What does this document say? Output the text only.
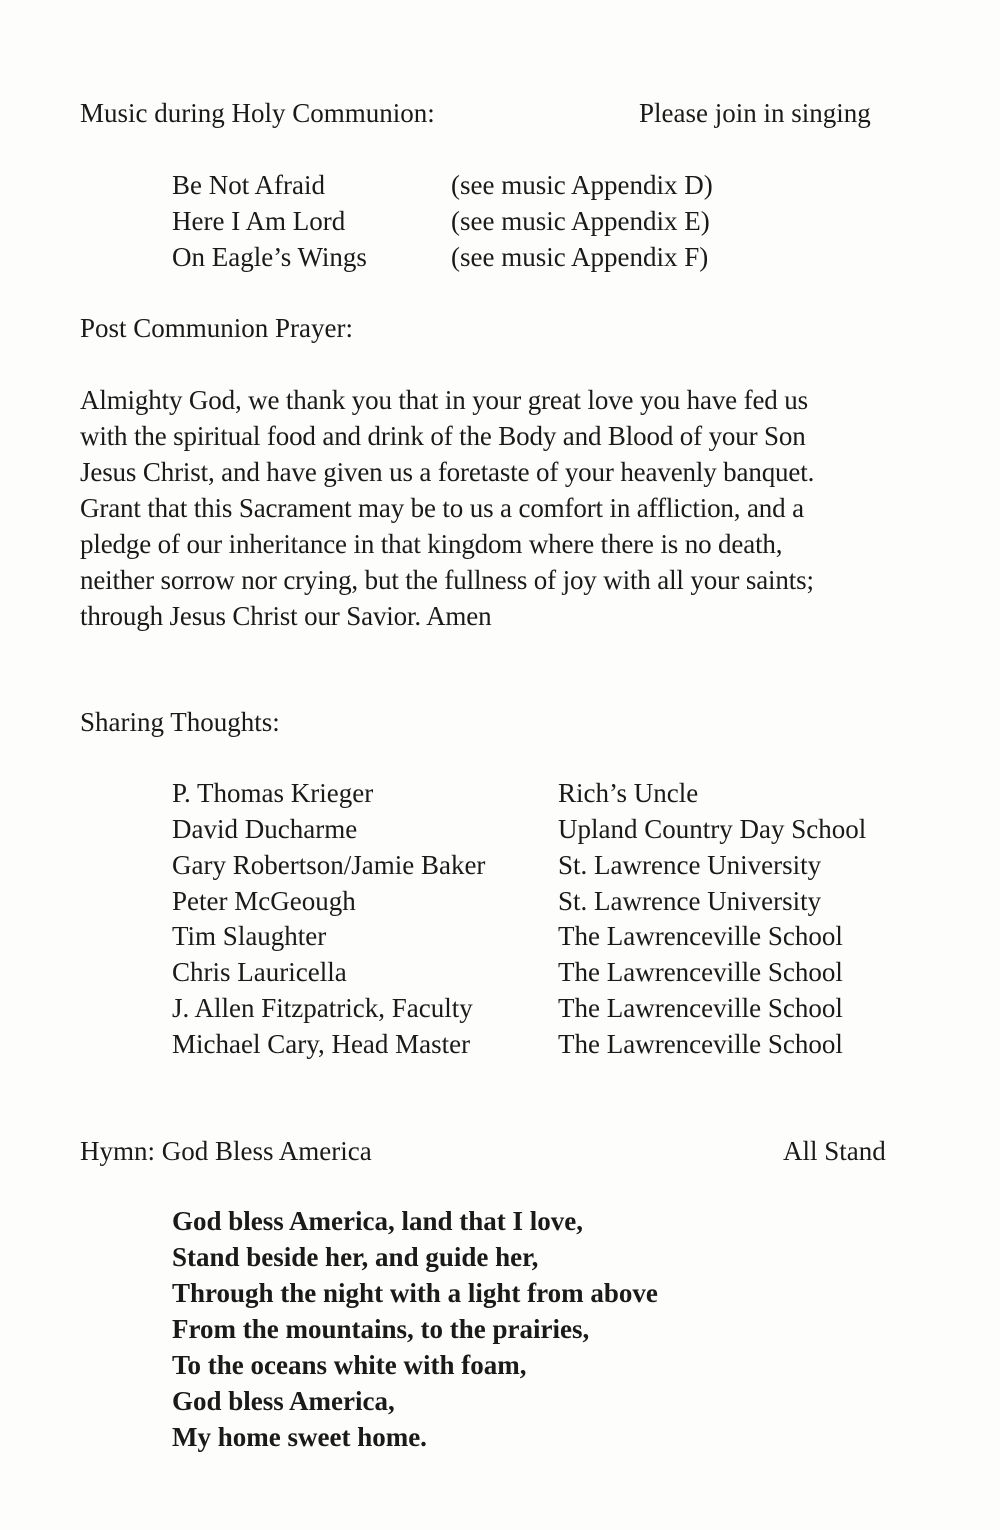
Music during Holy Communion:	Please join in singing
Be Not Afraid	(see music Appendix D)
Here I Am Lord	(see music Appendix E)
On Eagle’s Wings	(see music Appendix F)
Post Communion Prayer:
Almighty God, we thank you that in your great love you have fed us
with the spiritual food and drink of the Body and Blood of your Son
Jesus Christ, and have given us a foretaste of your heavenly banquet.
Grant that this Sacrament may be to us a comfort in affliction, and a
pledge of our inheritance in that kingdom where there is no death,
neither sorrow nor crying, but the fullness of joy with all your saints;
through Jesus Christ our Savior. Amen
Sharing Thoughts:
P. Thomas Krieger	Rich’s Uncle
David Ducharme	Upland Country Day School
Gary Robertson/Jamie Baker	St. Lawrence University
Peter McGeough	St. Lawrence University
Tim Slaughter	The Lawrenceville School
Chris Lauricella	The Lawrenceville School
J. Allen Fitzpatrick, Faculty	The Lawrenceville School
Michael Cary, Head Master	The Lawrenceville School
Hymn: God Bless America	All Stand
God bless America, land that I love,
Stand beside her, and guide her,
Through the night with a light from above
From the mountains, to the prairies,
To the oceans white with foam,
God bless America,
My home sweet home.
